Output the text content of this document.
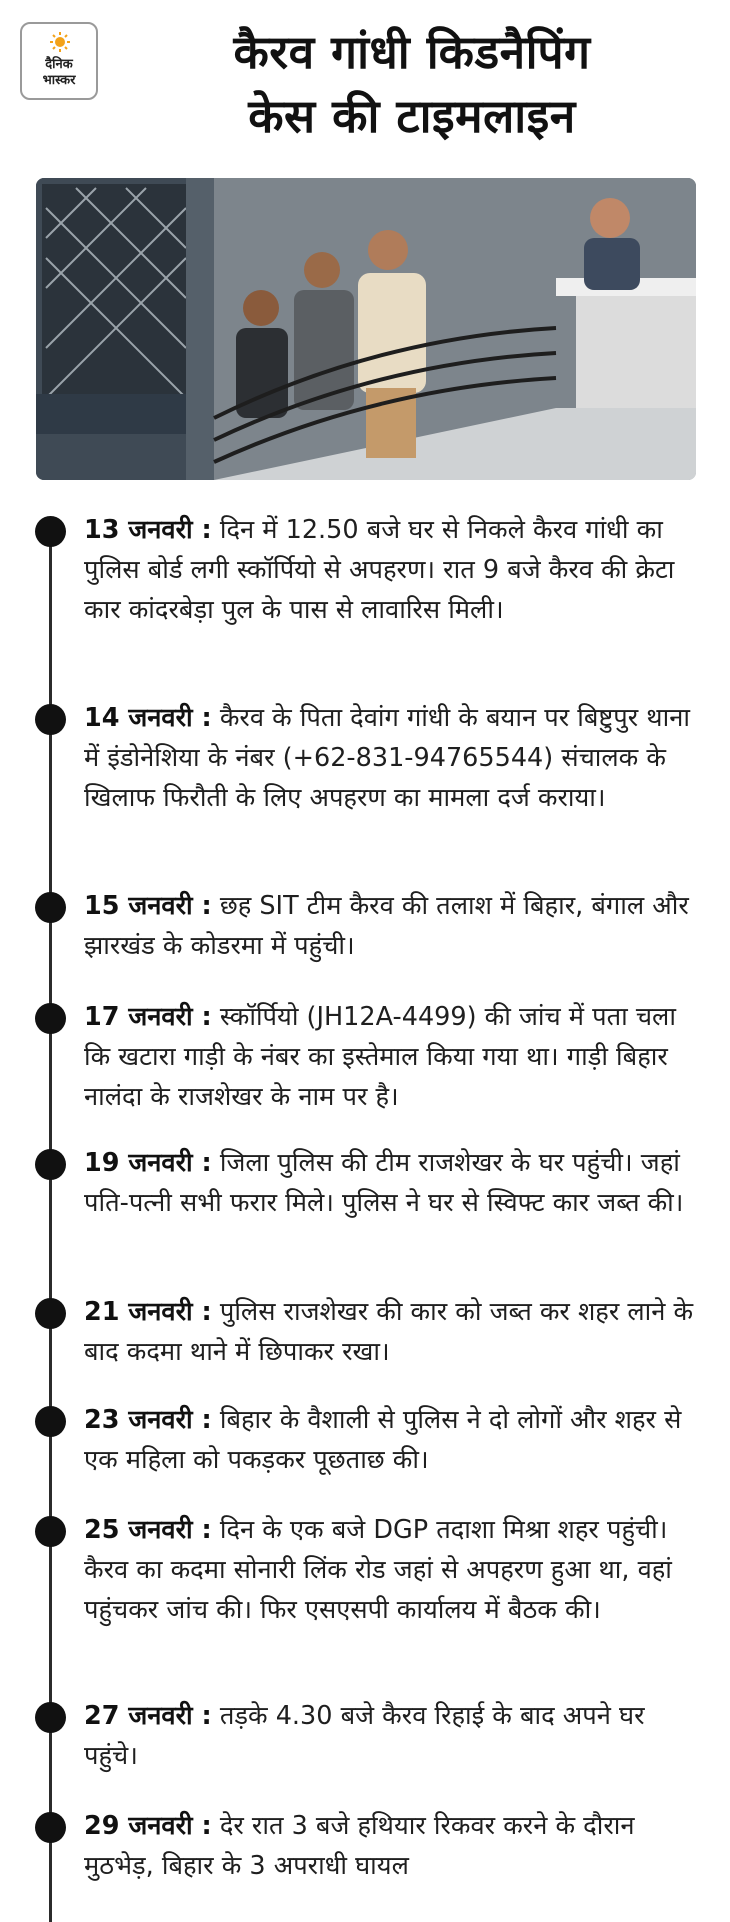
दैनिक
भास्कर
कैरव गांधी किडनैपिंग
केस की टाइमलाइन
13 जनवरी : दिन में 12.50 बजे घर से निकले कैरव गांधी का पुलिस बोर्ड लगी स्कॉर्पियो से अपहरण। रात 9 बजे कैरव की क्रेटा कार कांदरबेड़ा पुल के पास से लावारिस मिली।
14 जनवरी : कैरव के पिता देवांग गांधी के बयान पर बिष्टुपुर थाना में इंडोनेशिया के नंबर (+62-831-94765544) संचालक के खिलाफ फिरौती के लिए अपहरण का मामला दर्ज कराया।
15 जनवरी : छह SIT टीम कैरव की तलाश में बिहार, बंगाल और झारखंड के कोडरमा में पहुंची।
17 जनवरी : स्कॉर्पियो (JH12A-4499) की जांच में पता चला कि खटारा गाड़ी के नंबर का इस्तेमाल किया गया था। गाड़ी बिहार नालंदा के राजशेखर के नाम पर है।
19 जनवरी : जिला पुलिस की टीम राजशेखर के घर पहुंची। जहां पति-पत्नी सभी फरार मिले। पुलिस ने घर से स्विफ्ट कार जब्त की।
21 जनवरी : पुलिस राजशेखर की कार को जब्त कर शहर लाने के बाद कदमा थाने में छिपाकर रखा।
23 जनवरी : बिहार के वैशाली से पुलिस ने दो लोगों और शहर से एक महिला को पकड़कर पूछताछ की।
25 जनवरी : दिन के एक बजे DGP तदाशा मिश्रा शहर पहुंची। कैरव का कदमा सोनारी लिंक रोड जहां से अपहरण हुआ था, वहां पहुंचकर जांच की। फिर एसएसपी कार्यालय में बैठक की।
27 जनवरी : तड़के 4.30 बजे कैरव रिहाई के बाद अपने घर पहुंचे।
29 जनवरी : देर रात 3 बजे हथियार रिकवर करने के दौरान मुठभेड़, बिहार के 3 अपराधी घायल
